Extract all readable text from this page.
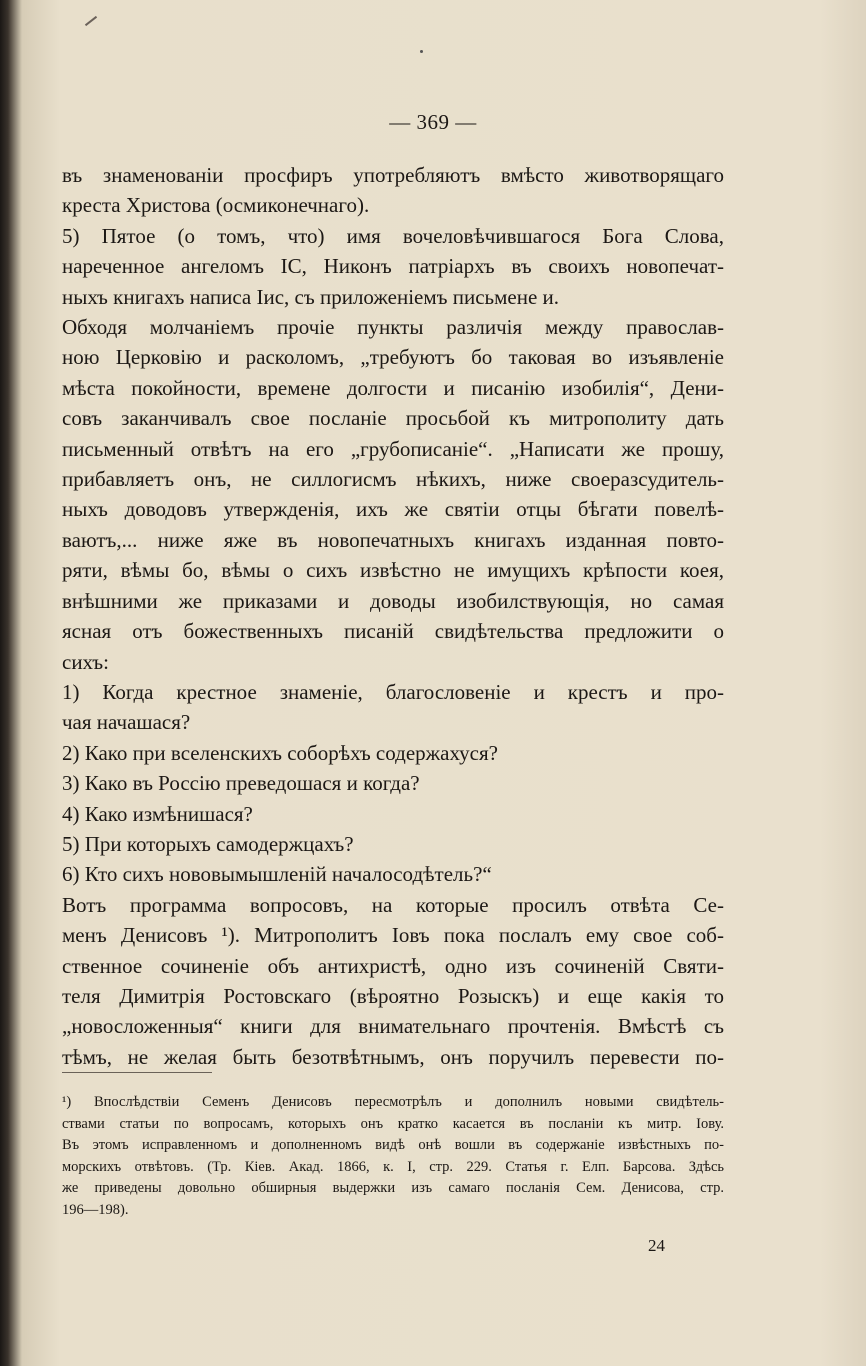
— 369 —
въ знаменованіи просфиръ употребляютъ вмѣсто животворящаго
креста Христова (осмиконечнаго).
5) Пятое (о томъ, что) имя вочеловѣчившагося Бога Слова,
нареченное ангеломъ IC, Никонъ патріархъ въ своихъ новопечат-
ныхъ книгахъ написа Іис, съ приложеніемъ письмене и.
Обходя молчаніемъ прочіе пункты различія между православ-
ною Церковію и расколомъ, „требуютъ бо таковая во изъявленіе
мѣста покойности, времене долгости и писанію изобилія“, Дени-
совъ заканчивалъ свое посланіе просьбой къ митрополиту дать
письменный отвѣтъ на его „грубописаніе“. „Написати же прошу,
прибавляетъ онъ, не силлогисмъ нѣкихъ, ниже своеразсудитель-
ныхъ доводовъ утвержденія, ихъ же святіи отцы бѣгати повелѣ-
ваютъ,... ниже яже въ новопечатныхъ книгахъ изданная повто-
ряти, вѣмы бо, вѣмы о сихъ извѣстно не имущихъ крѣпости коея,
внѣшними же приказами и доводы изобилствующія, но самая
ясная отъ божественныхъ писаній свидѣтельства предложити о
сихъ:
1) Когда крестное знаменіе, благословеніе и крестъ и про-
чая начашася?
2) Како при вселенскихъ соборѣхъ содержахуся?
3) Како въ Россію преведошася и когда?
4) Како измѣнишася?
5) При которыхъ самодержцахъ?
6) Кто сихъ нововымышленій началосодѣтель?“
Вотъ программа вопросовъ, на которые просилъ отвѣта Се-
менъ Денисовъ ¹). Митрополитъ Іовъ пока послалъ ему свое соб-
ственное сочиненіе объ антихристѣ, одно изъ сочиненій Святи-
теля Димитрія Ростовскаго (вѣроятно Розыскъ) и еще какія то
„новосложенныя“ книги для внимательнаго прочтенія. Вмѣстѣ съ
тѣмъ, не желая быть безотвѣтнымъ, онъ поручилъ перевести по-
¹) Впослѣдствіи Семенъ Денисовъ пересмотрѣлъ и дополнилъ новыми свидѣтель-
ствами статьи по вопросамъ, которыхъ онъ кратко касается въ посланіи къ митр. Іову.
Въ этомъ исправленномъ и дополненномъ видѣ онѣ вошли въ содержаніе извѣстныхъ по-
морскихъ отвѣтовъ. (Тр. Кіев. Акад. 1866, к. I, стр. 229. Статья г. Елп. Барсова. Здѣсь
же приведены довольно обширныя выдержки изъ самаго посланія Сем. Денисова, стр.
196—198).
24
